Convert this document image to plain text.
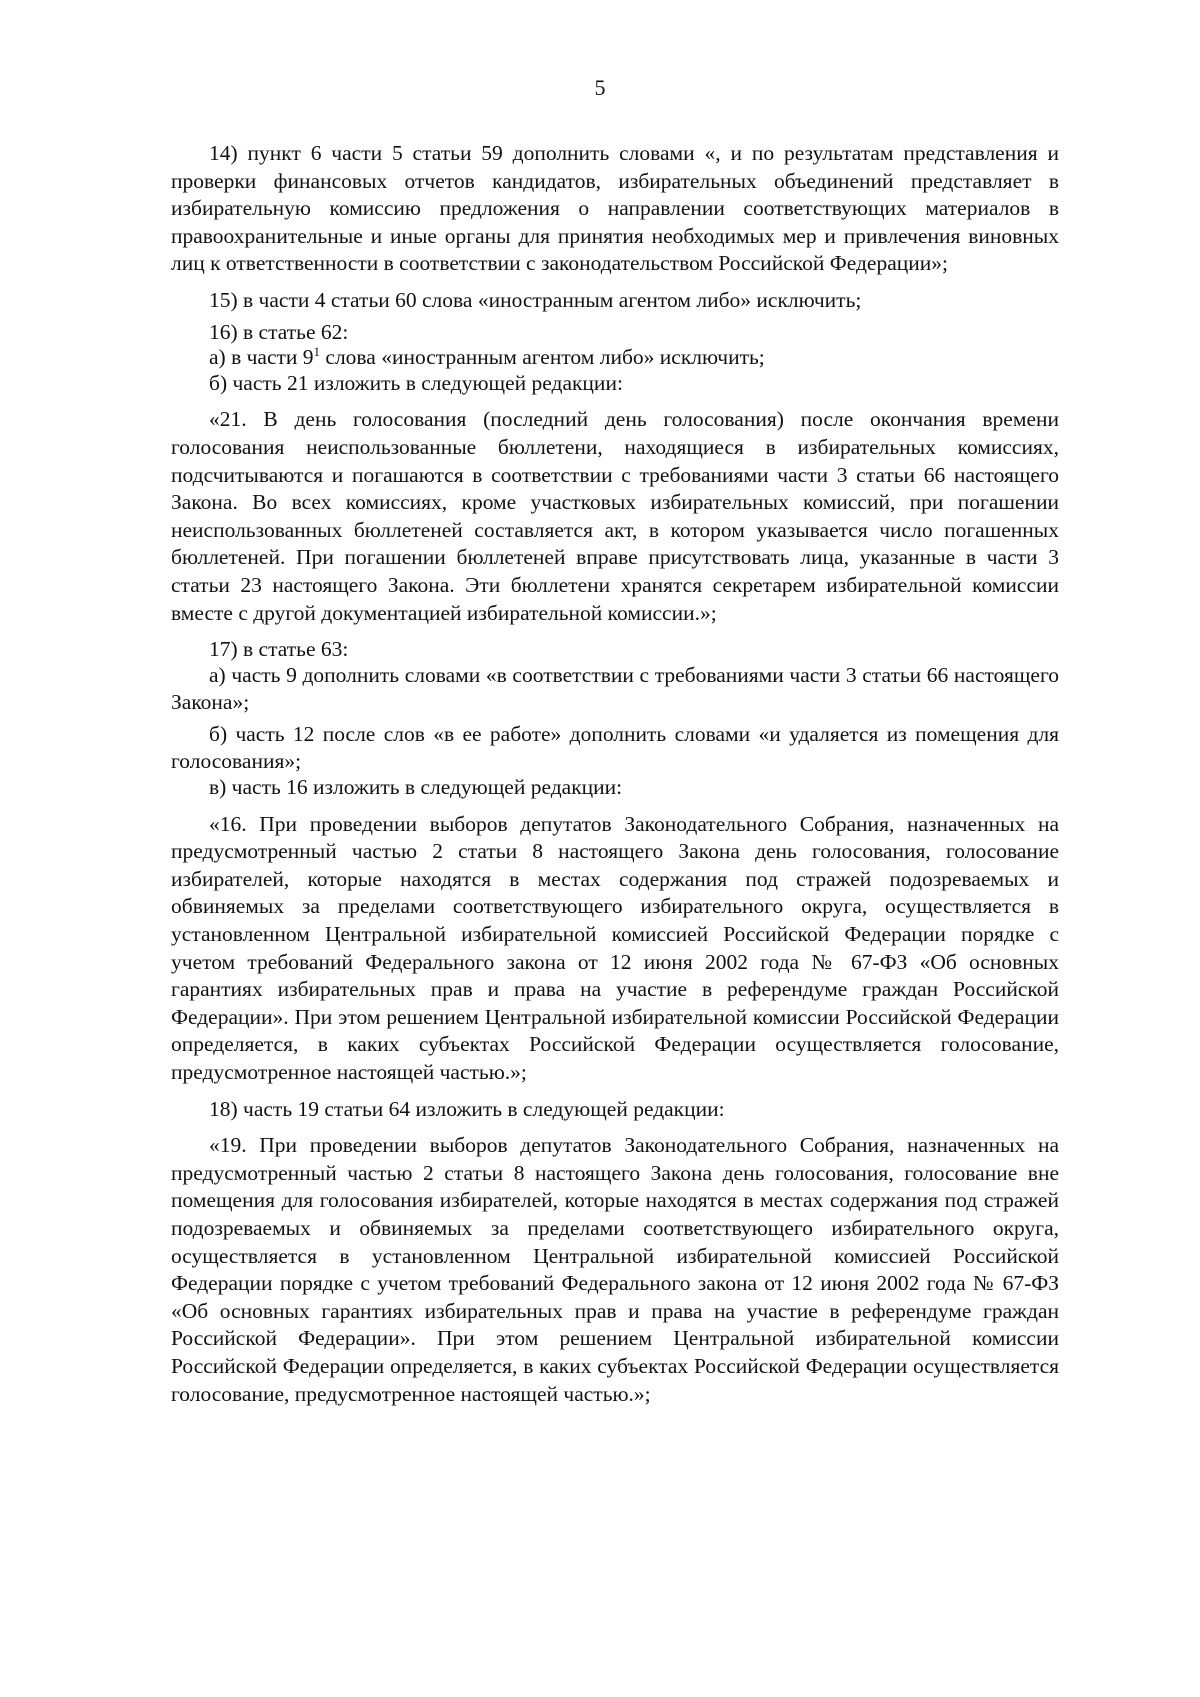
5

14) пункт 6 части 5 статьи 59 дополнить словами «, и по результатам представления и проверки финансовых отчетов кандидатов, избирательных объединений представляет в избирательную комиссию предложения о направлении соответствующих материалов в правоохранительные и иные органы для принятия необходимых мер и привлечения виновных лиц к ответственности в соответствии с законодательством Российской Федерации»;

15) в части 4 статьи 60 слова «иностранным агентом либо» исключить;

16) в статье 62:

а) в части $9^1$ слова «иностранным агентом либо» исключить;

б) часть 21 изложить в следующей редакции:

«21. В день голосования (последний день голосования) после окончания времени голосования неиспользованные бюллетени, находящиеся в избирательных комиссиях, подсчитываются и погашаются в соответствии с требованиями части 3 статьи 66 настоящего Закона. Во всех комиссиях, кроме участковых избирательных комиссий, при погашении неиспользованных бюллетеней составляется акт, в котором указывается число погашенных бюллетеней. При погашении бюллетеней вправе присутствовать лица, указанные в части 3 статьи 23 настоящего Закона. Эти бюллетени хранятся секретарем избирательной комиссии вместе с другой документацией избирательной комиссии.»;

17) в статье 63:

а) часть 9 дополнить словами «в соответствии с требованиями части 3 статьи 66 настоящего Закона»;

б) часть 12 после слов «в ее работе» дополнить словами «и удаляется из помещения для голосования»;

в) часть 16 изложить в следующей редакции:

«16. При проведении выборов депутатов Законодательного Собрания, назначенных на предусмотренный частью 2 статьи 8 настоящего Закона день голосования, голосование избирателей, которые находятся в местах содержания под стражей подозреваемых и обвиняемых за пределами соответствующего избирательного округа, осуществляется в установленном Центральной избирательной комиссией Российской Федерации порядке с учетом требований Федерального закона от 12 июня 2002 года № 67-ФЗ «Об основных гарантиях избирательных прав и права на участие в референдуме граждан Российской Федерации». При этом решением Центральной избирательной комиссии Российской Федерации определяется, в каких субъектах Российской Федерации осуществляется голосование, предусмотренное настоящей частью.»;

18) часть 19 статьи 64 изложить в следующей редакции:

«19. При проведении выборов депутатов Законодательного Собрания, назначенных на предусмотренный частью 2 статьи 8 настоящего Закона день голосования, голосование вне помещения для голосования избирателей, которые находятся в местах содержания под стражей подозреваемых и обвиняемых за пределами соответствующего избирательного округа, осуществляется в установленном Центральной избирательной комиссией Российской Федерации порядке с учетом требований Федерального закона от 12 июня 2002 года № 67-ФЗ «Об основных гарантиях избирательных прав и права на участие в референдуме граждан Российской Федерации». При этом решением Центральной избирательной комиссии Российской Федерации определяется, в каких субъектах Российской Федерации осуществляется голосование, предусмотренное настоящей частью.»;
